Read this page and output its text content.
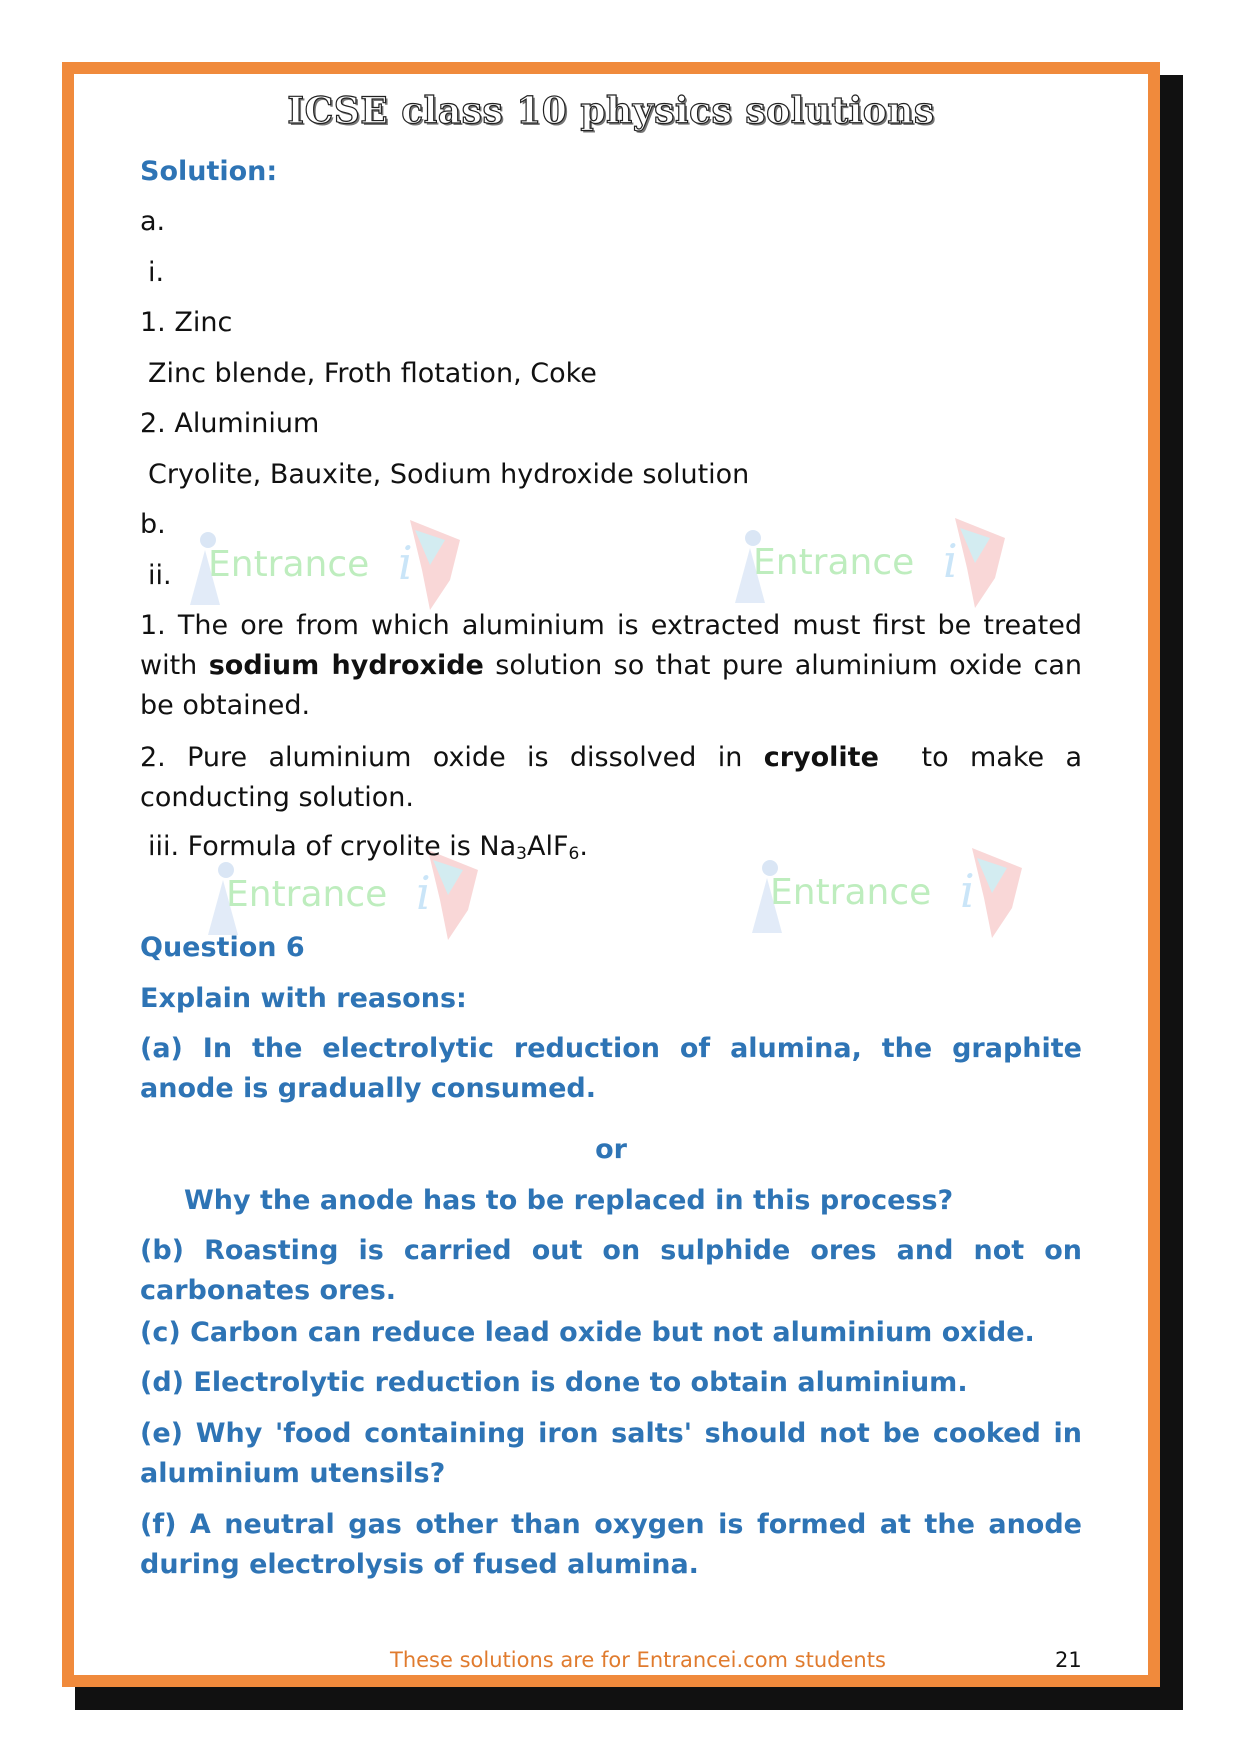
ICSE class 10 physics solutions
Entrance i	Entrance i
Entrance i	Entrance i
Solution:
a.
i.
1. Zinc
Zinc blende, Froth flotation, Coke
2. Aluminium
Cryolite, Bauxite, Sodium hydroxide solution
b.
ii.
1. The ore from which aluminium is extracted must first be treated with sodium hydroxide solution so that pure aluminium oxide can be obtained.
2. Pure aluminium oxide is dissolved in cryolite  to make a conducting solution.
iii. Formula of cryolite is $Na_3AlF_6$.
Question 6
Explain with reasons:
(a) In the electrolytic reduction of alumina, the graphite anode is gradually consumed.
or
Why the anode has to be replaced in this process?
(b) Roasting is carried out on sulphide ores and not on carbonates ores.
(c) Carbon can reduce lead oxide but not aluminium oxide.
(d) Electrolytic reduction is done to obtain aluminium.
(e) Why 'food containing iron salts' should not be cooked in aluminium utensils?
(f) A neutral gas other than oxygen is formed at the anode during electrolysis of fused alumina.
These solutions are for Entrancei.com students	21
